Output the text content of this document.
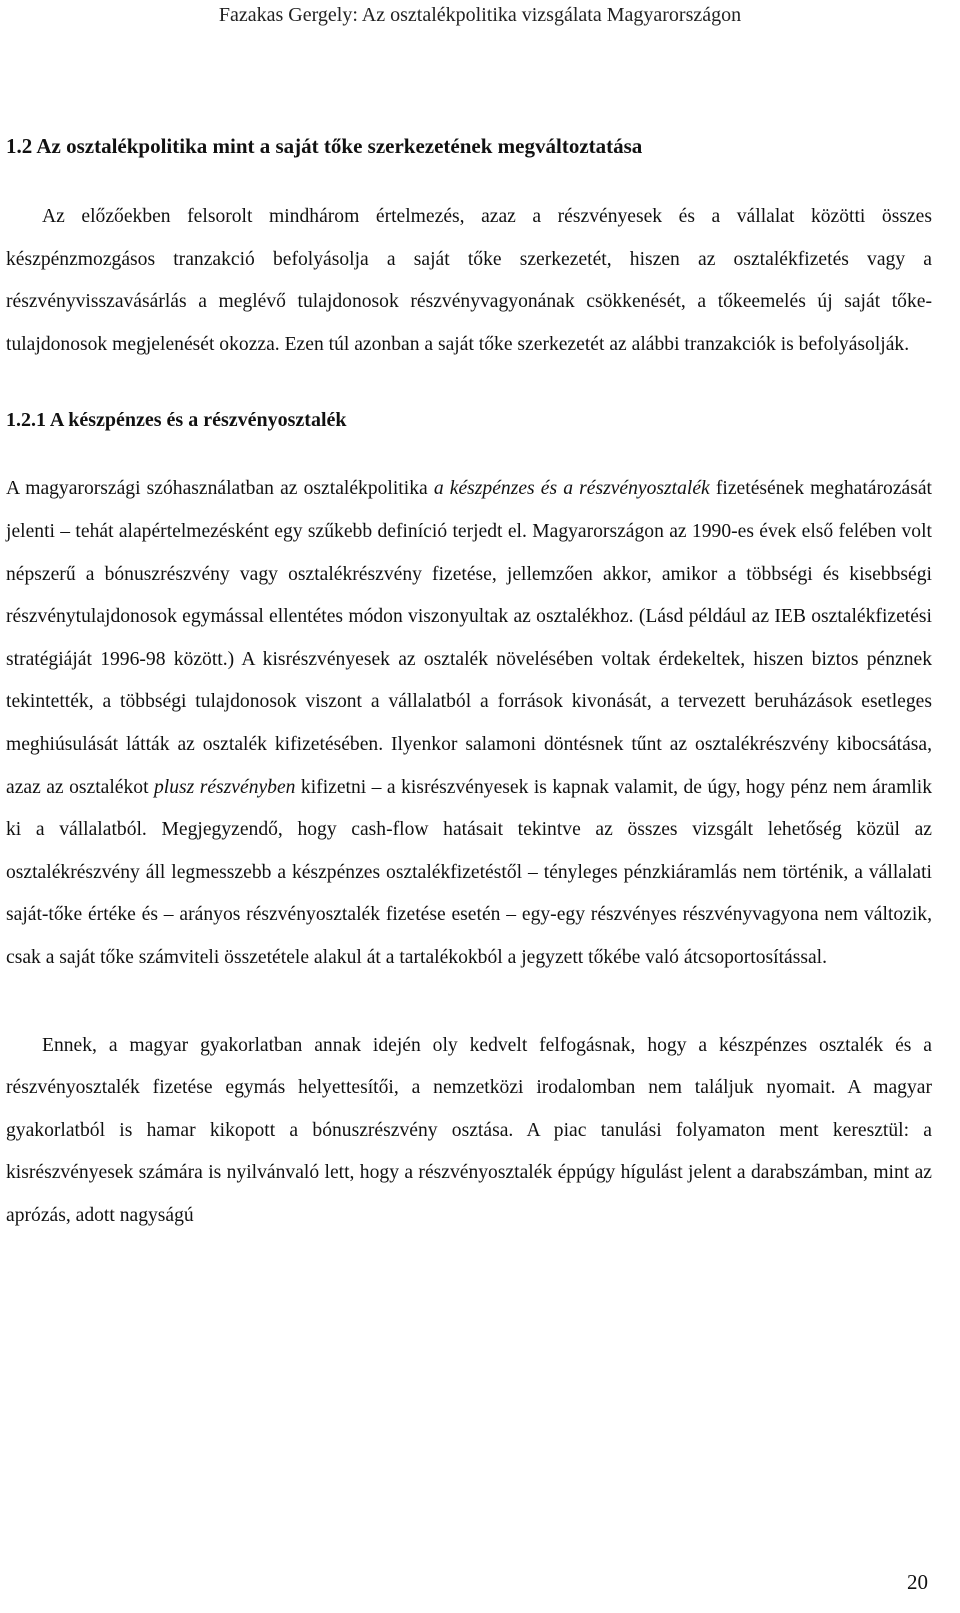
Fazakas Gergely: Az osztalékpolitika vizsgálata Magyarországon
1.2 Az osztalékpolitika mint a saját tőke szerkezetének megváltoztatása

Az előzőekben felsorolt mindhárom értelmezés, azaz a részvényesek és a vállalat közötti összes készpénzmozgásos tranzakció befolyásolja a saját tőke szerkezetét, hiszen az osztalékfizetés vagy a részvényvisszavásárlás a meglévő tulajdonosok részvényvagyonának csökkenését, a tőkeemelés új saját tőke-tulajdonosok megjelenését okozza. Ezen túl azonban a saját tőke szerkezetét az alábbi tranzakciók is befolyásolják.

1.2.1 A készpénzes és a részvényosztalék

A magyarországi szóhasználatban az osztalékpolitika a készpénzes és a részvényosztalék fizetésének meghatározását jelenti – tehát alapértelmezésként egy szűkebb definíció terjedt el. Magyarországon az 1990-es évek első felében volt népszerű a bónuszrészvény vagy osztalékrészvény fizetése, jellemzően akkor, amikor a többségi és kisebbségi részvénytulajdonosok egymással ellentétes módon viszonyultak az osztalékhoz. (Lásd például az IEB osztalékfizetési stratégiáját 1996-98 között.) A kisrészvényesek az osztalék növelésében voltak érdekeltek, hiszen biztos pénznek tekintették, a többségi tulajdonosok viszont a vállalatból a források kivonását, a tervezett beruházások esetleges meghiúsulását látták az osztalék kifizetésében. Ilyenkor salamoni döntésnek tűnt az osztalékrészvény kibocsátása, azaz az osztalékot plusz részvényben kifizetni – a kisrészvényesek is kapnak valamit, de úgy, hogy pénz nem áramlik ki a vállalatból. Megjegyzendő, hogy cash-flow hatásait tekintve az összes vizsgált lehetőség közül az osztalékrészvény áll legmesszebb a készpénzes osztalékfizetéstől – tényleges pénzkiáramlás nem történik, a vállalati saját-tőke értéke és – arányos részvényosztalék fizetése esetén – egy-egy részvényes részvényvagyona nem változik, csak a saját tőke számviteli összetétele alakul át a tartalékokból a jegyzett tőkébe való átcsoportosítással.

Ennek, a magyar gyakorlatban annak idején oly kedvelt felfogásnak, hogy a készpénzes osztalék és a részvényosztalék fizetése egymás helyettesítői, a nemzetközi irodalomban nem találjuk nyomait. A magyar gyakorlatból is hamar kikopott a bónuszrészvény osztása. A piac tanulási folyamaton ment keresztül: a kisrészvényesek számára is nyilvánvaló lett, hogy a részvényosztalék éppúgy hígulást jelent a darabszámban, mint az aprózás, adott nagyságú

20
